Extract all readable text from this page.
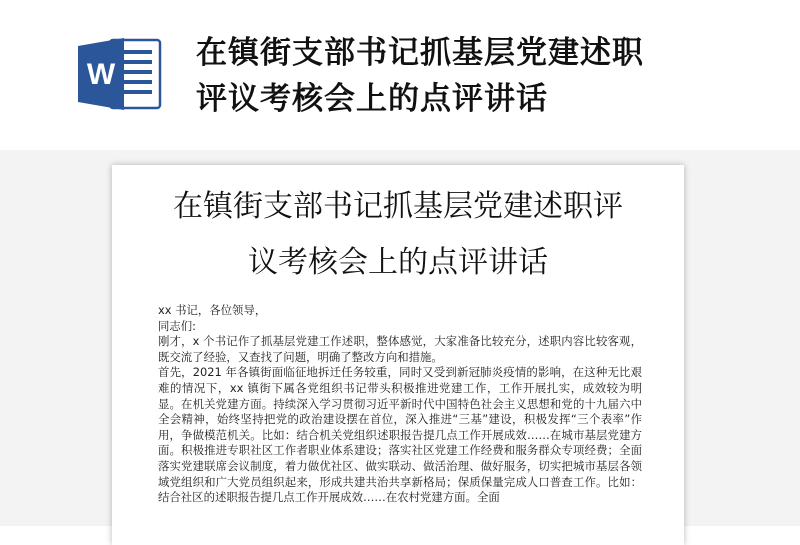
W
在镇街支部书记抓基层党建述职
评议考核会上的点评讲话
在镇街支部书记抓基层党建述职评
议考核会上的点评讲话

xx 书记，各位领导，

同志们:

刚才，x 个书记作了抓基层党建工作述职，整体感觉，大家准备比较充分，述职内容比较客观，既交流了经验，又查找了问题，明确了整改方向和措施。

首先，2021 年各镇街面临征地拆迁任务较重，同时又受到新冠肺炎疫情的影响，在这种无比艰难的情况下，xx 镇街下属各党组织书记带头积极推进党建工作，工作开展扎实，成效较为明显。在机关党建方面。持续深入学习贯彻习近平新时代中国特色社会主义思想和党的十九届六中全会精神，始终坚持把党的政治建设摆在首位，深入推进“三基”建设，积极发挥“三个表率”作用，争做模范机关。比如：结合机关党组织述职报告提几点工作开展成效……在城市基层党建方面。积极推进专职社区工作者职业体系建设；落实社区党建工作经费和服务群众专项经费；全面落实党建联席会议制度，着力做优社区、做实联动、做活治理、做好服务，切实把城市基层各领域党组织和广大党员组织起来，形成共建共治共享新格局；保质保量完成人口普查工作。比如：结合社区的述职报告提几点工作开展成效……在农村党建方面。全面
